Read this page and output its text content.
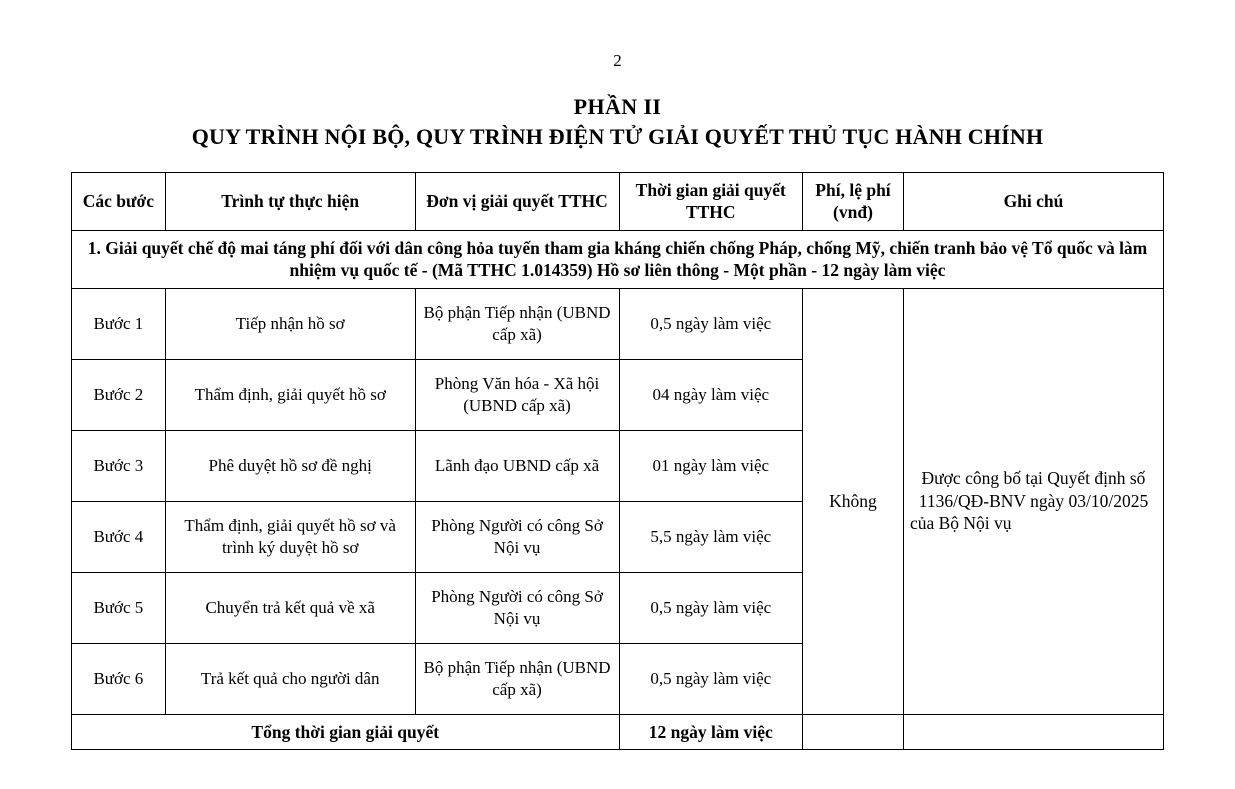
2
PHẦN II
QUY TRÌNH NỘI BỘ, QUY TRÌNH ĐIỆN TỬ GIẢI QUYẾT THỦ TỤC HÀNH CHÍNH
Các bước	Trình tự thực hiện	Đơn vị giải quyết TTHC	Thời gian giải quyết TTHC	Phí, lệ phí (vnđ)	Ghi chú
1. Giải quyết chế độ mai táng phí đối với dân công hỏa tuyến tham gia kháng chiến chống Pháp, chống Mỹ, chiến tranh bảo vệ Tổ quốc và làm nhiệm vụ quốc tế - (Mã TTHC 1.014359) Hồ sơ liên thông - Một phần - 12 ngày làm việc					
Bước 1	Tiếp nhận hồ sơ	Bộ phận Tiếp nhận (UBND cấp xã)	0,5 ngày làm việc	Không	Được công bố tại Quyết định số 1136/QĐ-BNV ngày 03/10/2025 của Bộ Nội vụ
Bước 2	Thẩm định, giải quyết hồ sơ	Phòng Văn hóa - Xã hội (UBND cấp xã)	04 ngày làm việc		
Bước 3	Phê duyệt hồ sơ đề nghị	Lãnh đạo UBND cấp xã	01 ngày làm việc		
Bước 4	Thẩm định, giải quyết hồ sơ và trình ký duyệt hồ sơ	Phòng Người có công Sở Nội vụ	5,5 ngày làm việc		
Bước 5	Chuyển trả kết quả về xã	Phòng Người có công Sở Nội vụ	0,5 ngày làm việc		
Bước 6	Trả kết quả cho người dân	Bộ phận Tiếp nhận (UBND cấp xã)	0,5 ngày làm việc		
Tổng thời gian giải quyết			12 ngày làm việc		
